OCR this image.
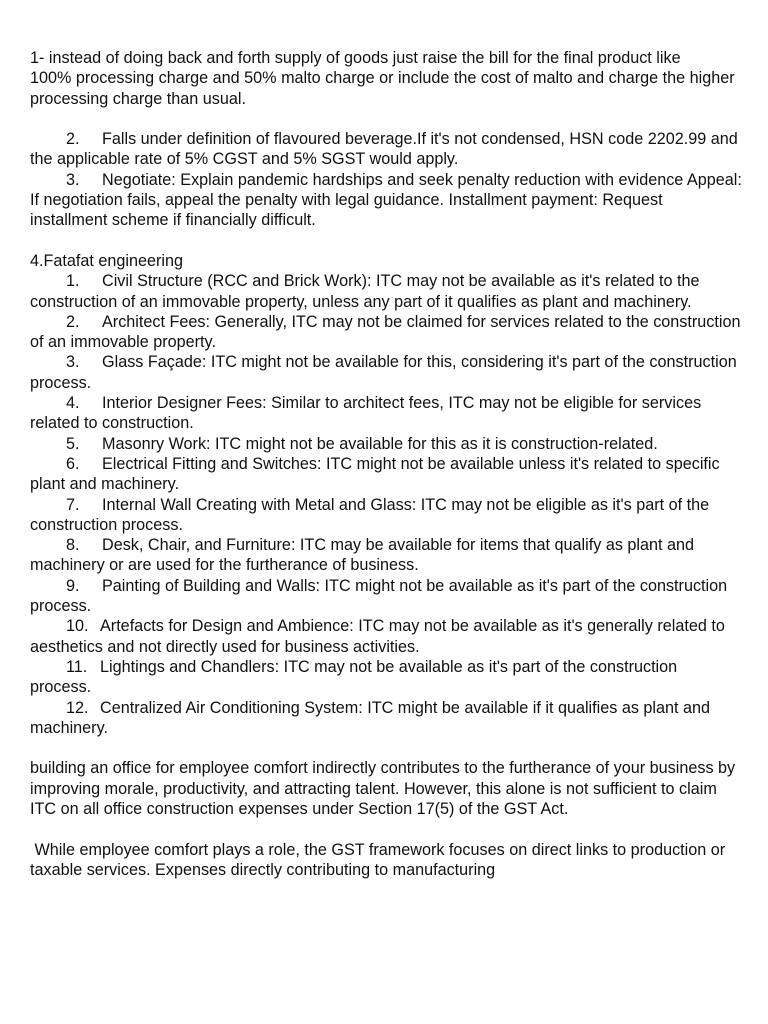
1- instead of doing back and forth supply of goods just raise the bill for the final product like

100% processing charge and 50% malto charge or include the cost of malto and charge the higher processing charge than usual.

2. Falls under definition of flavoured beverage.If it's not condensed, HSN code 2202.99 and the applicable rate of 5% CGST and 5% SGST would apply.

3. Negotiate: Explain pandemic hardships and seek penalty reduction with evidence Appeal: If negotiation fails, appeal the penalty with legal guidance. Installment payment: Request installment scheme if financially difficult.

4.Fatafat engineering

1. Civil Structure (RCC and Brick Work): ITC may not be available as it's related to the construction of an immovable property, unless any part of it qualifies as plant and machinery.

2. Architect Fees: Generally, ITC may not be claimed for services related to the construction of an immovable property.

3. Glass Façade: ITC might not be available for this, considering it's part of the construction process.

4. Interior Designer Fees: Similar to architect fees, ITC may not be eligible for services related to construction.

5. Masonry Work: ITC might not be available for this as it is construction-related.

6. Electrical Fitting and Switches: ITC might not be available unless it's related to specific plant and machinery.

7. Internal Wall Creating with Metal and Glass: ITC may not be eligible as it's part of the construction process.

8. Desk, Chair, and Furniture: ITC may be available for items that qualify as plant and machinery or are used for the furtherance of business.

9. Painting of Building and Walls: ITC might not be available as it's part of the construction process.

10. Artefacts for Design and Ambience: ITC may not be available as it's generally related to aesthetics and not directly used for business activities.

11. Lightings and Chandlers: ITC may not be available as it's part of the construction process.

12. Centralized Air Conditioning System: ITC might be available if it qualifies as plant and machinery.

building an office for employee comfort indirectly contributes to the furtherance of your business by improving morale, productivity, and attracting talent. However, this alone is not sufficient to claim ITC on all office construction expenses under Section 17(5) of the GST Act.

While employee comfort plays a role, the GST framework focuses on direct links to production or taxable services. Expenses directly contributing to manufacturing
